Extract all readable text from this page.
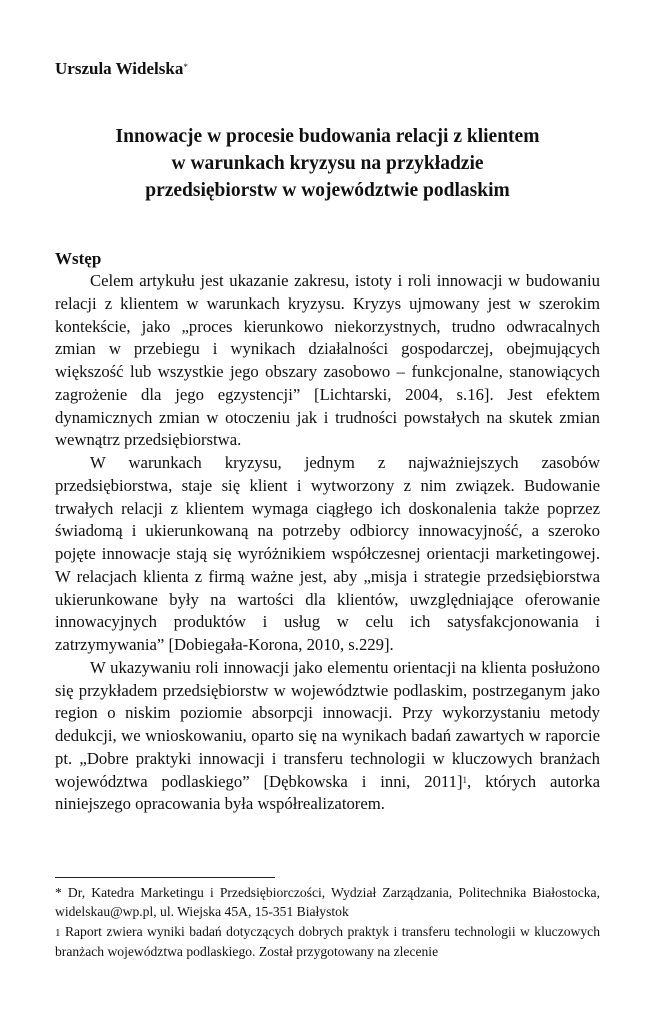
Urszula Widelska*
Innowacje w procesie budowania relacji z klientem
w warunkach kryzysu na przykładzie
przedsiębiorstw w województwie podlaskim
Wstęp

Celem artykułu jest ukazanie zakresu, istoty i roli innowacji w budowaniu relacji z klientem w warunkach kryzysu. Kryzys ujmowany jest w szerokim kontekście, jako „proces kierunkowo niekorzystnych, trudno odwracalnych zmian w przebiegu i wynikach działalności gospodarczej, obejmujących większość lub wszystkie jego obszary zasobowo – funkcjonalne, stanowiących zagrożenie dla jego egzystencji” [Lichtarski, 2004, s.16]. Jest efektem dynamicznych zmian w otoczeniu jak i trudności powstałych na skutek zmian wewnątrz przedsiębiorstwa.

W warunkach kryzysu, jednym z najważniejszych zasobów przedsiębiorstwa, staje się klient i wytworzony z nim związek. Budowanie trwałych relacji z klientem wymaga ciągłego ich doskonalenia także poprzez świadomą i ukierunkowaną na potrzeby odbiorcy innowacyjność, a szeroko pojęte innowacje stają się wyróżnikiem współczesnej orientacji marketingowej. W relacjach klienta z firmą ważne jest, aby „misja i strategie przedsiębiorstwa ukierunkowane były na wartości dla klientów, uwzględniające oferowanie innowacyjnych produktów i usług w celu ich satysfakcjonowania i zatrzymywania” [Dobiegała-Korona, 2010, s.229].

W ukazywaniu roli innowacji jako elementu orientacji na klienta posłużono się przykładem przedsiębiorstw w województwie podlaskim, postrzeganym jako region o niskim poziomie absorpcji innowacji. Przy wykorzystaniu metody dedukcji, we wnioskowaniu, oparto się na wynikach badań zawartych w raporcie pt. „Dobre praktyki innowacji i transferu technologii w kluczowych branżach województwa podlaskiego” [Dębkowska i inni, 2011]$^1$, których autorka niniejszego opracowania była współrealizatorem.

* Dr, Katedra Marketingu i Przedsiębiorczości, Wydział Zarządzania, Politechnika Białostocka, widelskau@wp.pl, ul. Wiejska 45A, 15-351 Białystok

1 Raport zwiera wyniki badań dotyczących dobrych praktyk i transferu technologii w kluczowych branżach województwa podlaskiego. Został przygotowany na zlecenie
